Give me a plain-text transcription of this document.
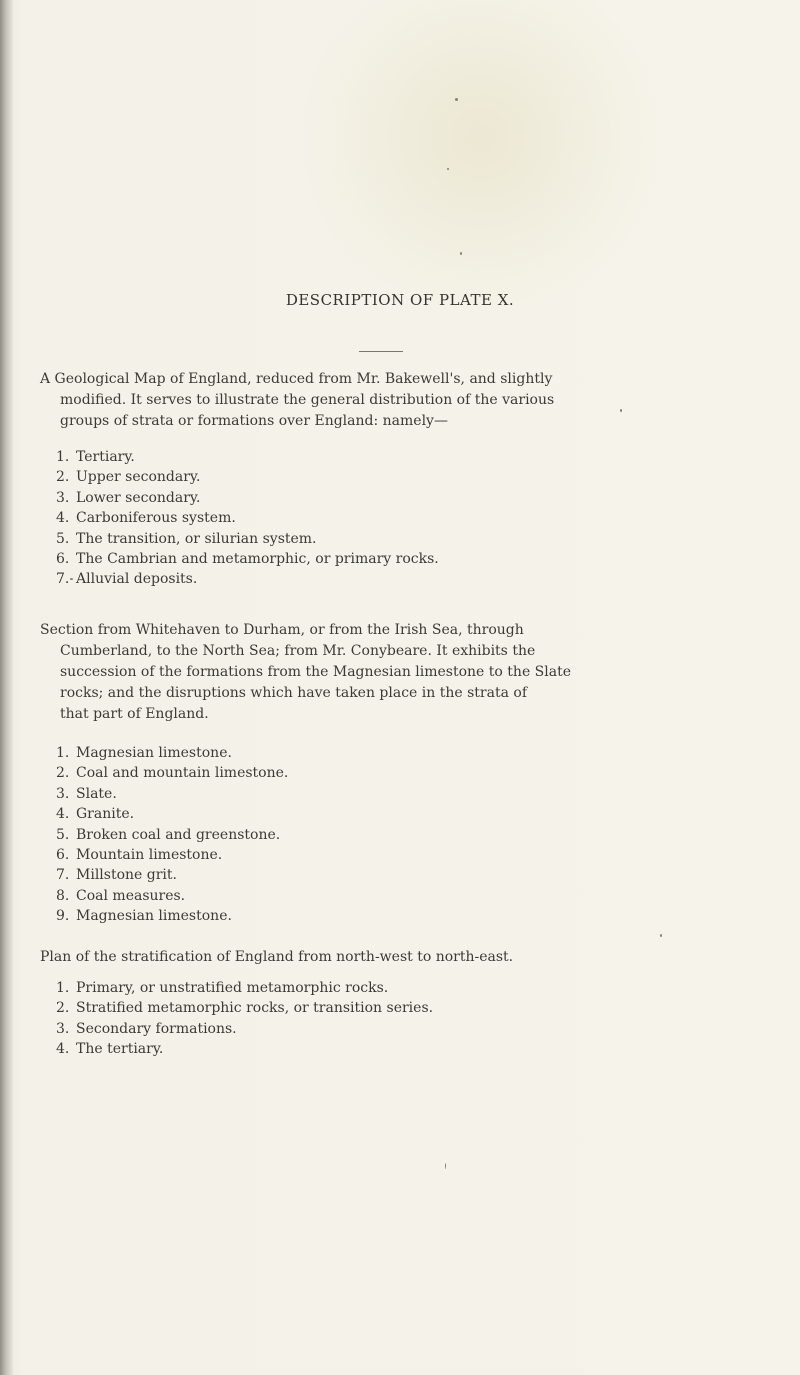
DESCRIPTION OF PLATE X.
A Geological Map of England, reduced from Mr. Bakewell's, and slightly
modified. It serves to illustrate the general distribution of the various
groups of strata or formations over England: namely—
1. Tertiary.
2. Upper secondary.
3. Lower secondary.
4. Carboniferous system.
5. The transition, or silurian system.
6. The Cambrian and metamorphic, or primary rocks.
7. Alluvial deposits.
Section from Whitehaven to Durham, or from the Irish Sea, through
Cumberland, to the North Sea; from Mr. Conybeare. It exhibits the
succession of the formations from the Magnesian limestone to the Slate
rocks; and the disruptions which have taken place in the strata of
that part of England.
1. Magnesian limestone.
2. Coal and mountain limestone.
3. Slate.
4. Granite.
5. Broken coal and greenstone.
6. Mountain limestone.
7. Millstone grit.
8. Coal measures.
9. Magnesian limestone.
Plan of the stratification of England from north-west to north-east.
1. Primary, or unstratified metamorphic rocks.
2. Stratified metamorphic rocks, or transition series.
3. Secondary formations.
4. The tertiary.
